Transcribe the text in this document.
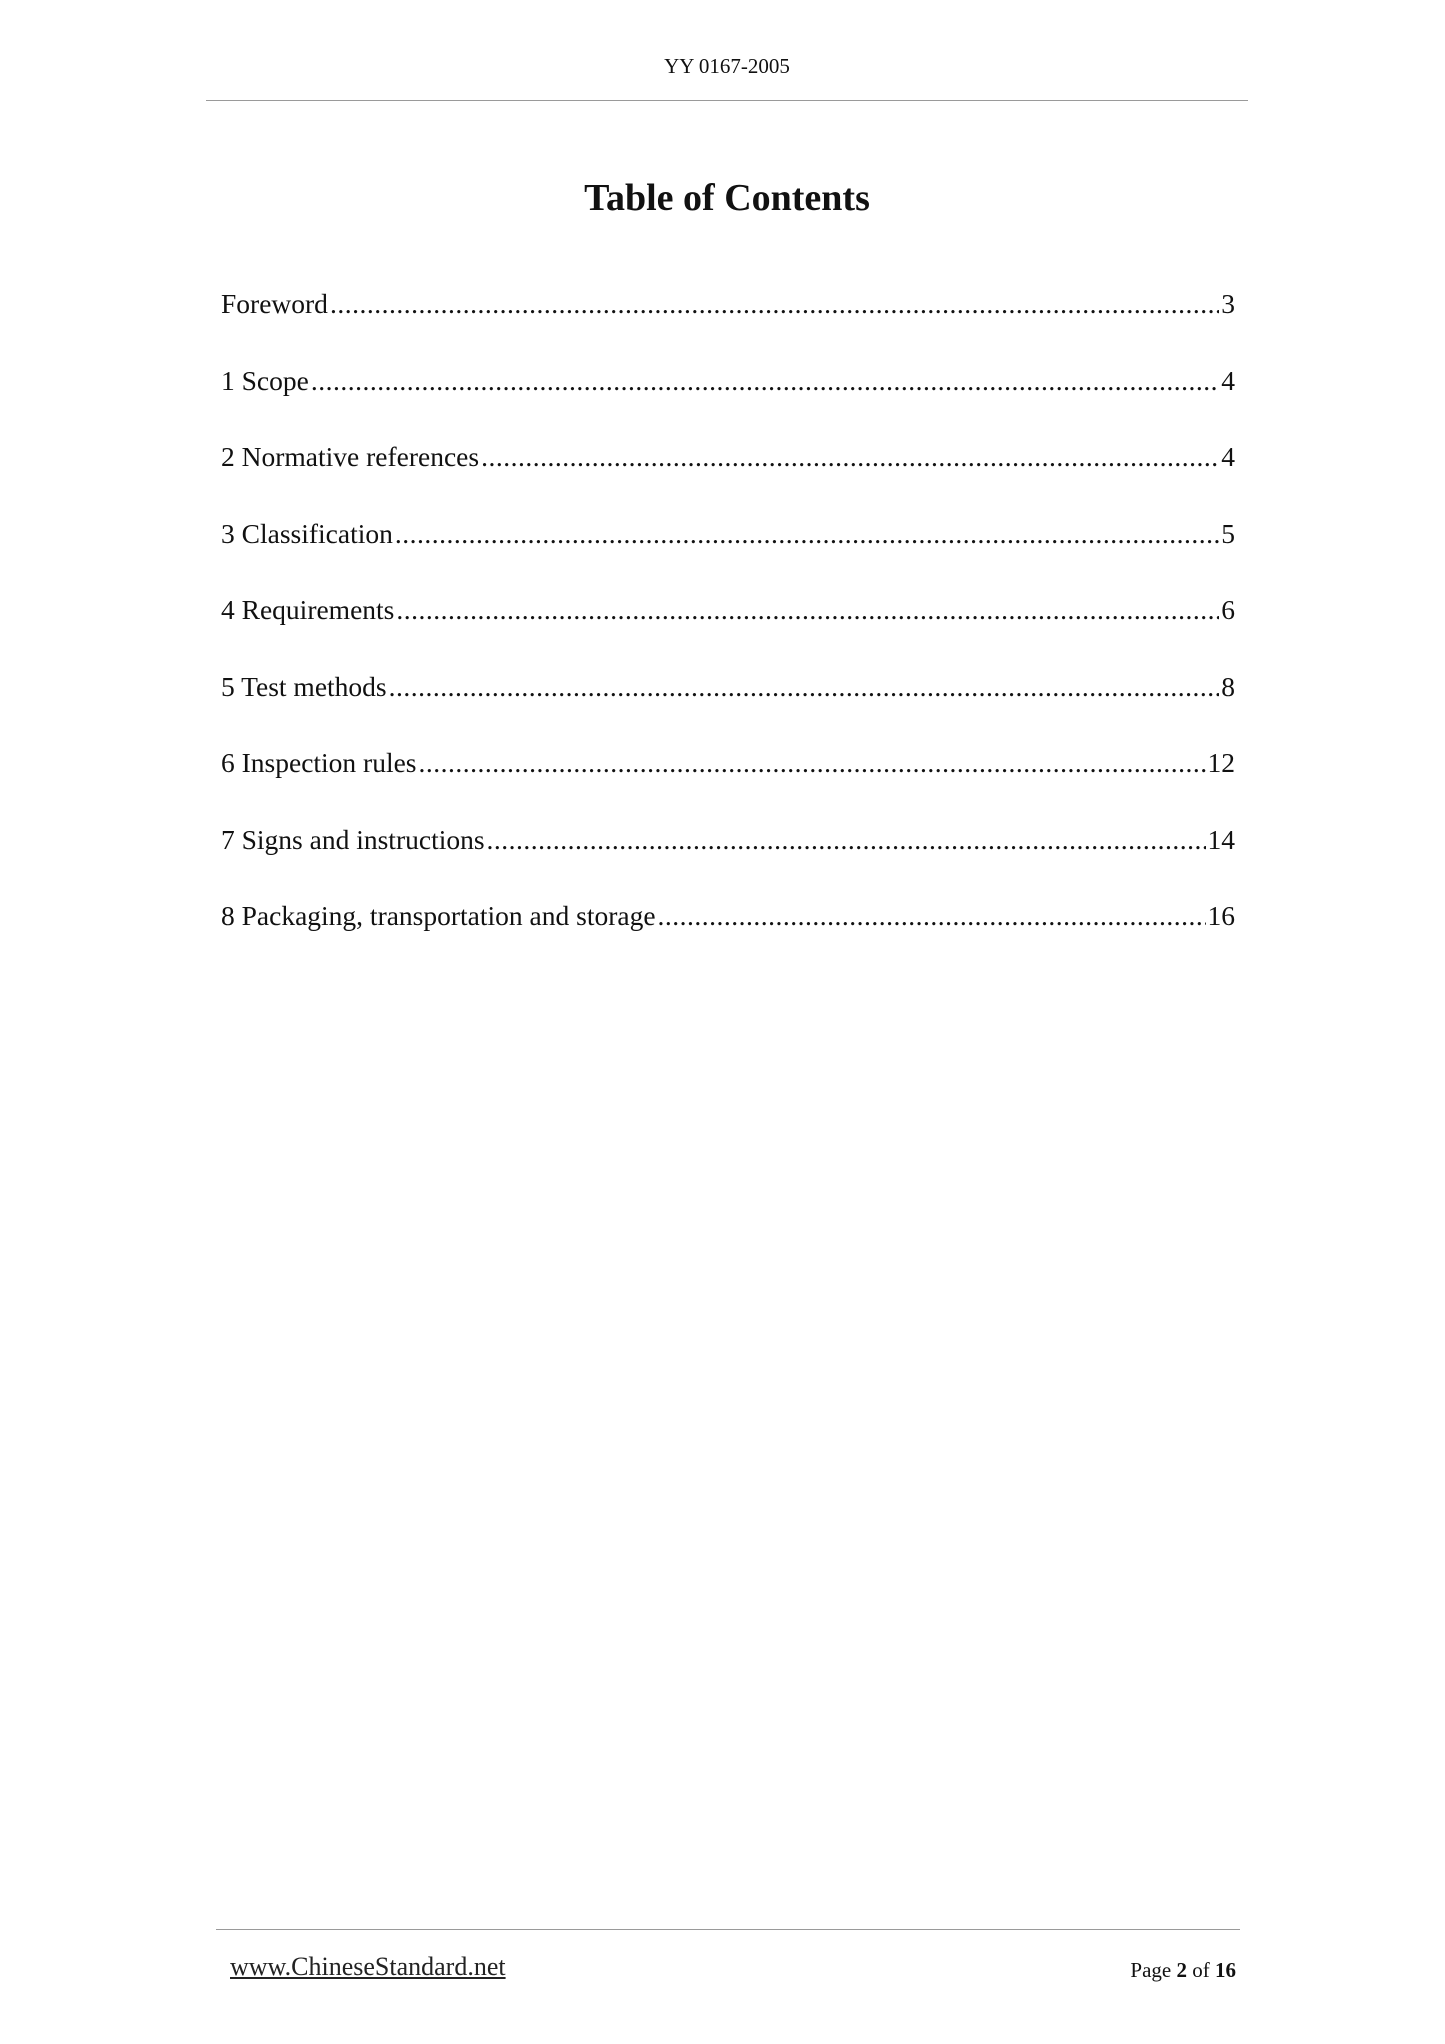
YY 0167-2005
Table of Contents
Foreword .....	3
1 Scope .....	4
2 Normative references .....	4
3 Classification .....	5
4 Requirements .....	6
5 Test methods .....	8
6 Inspection rules .....	12
7 Signs and instructions .....	14
8 Packaging, transportation and storage .....	16
www.ChineseStandard.net	Page 2 of 16
